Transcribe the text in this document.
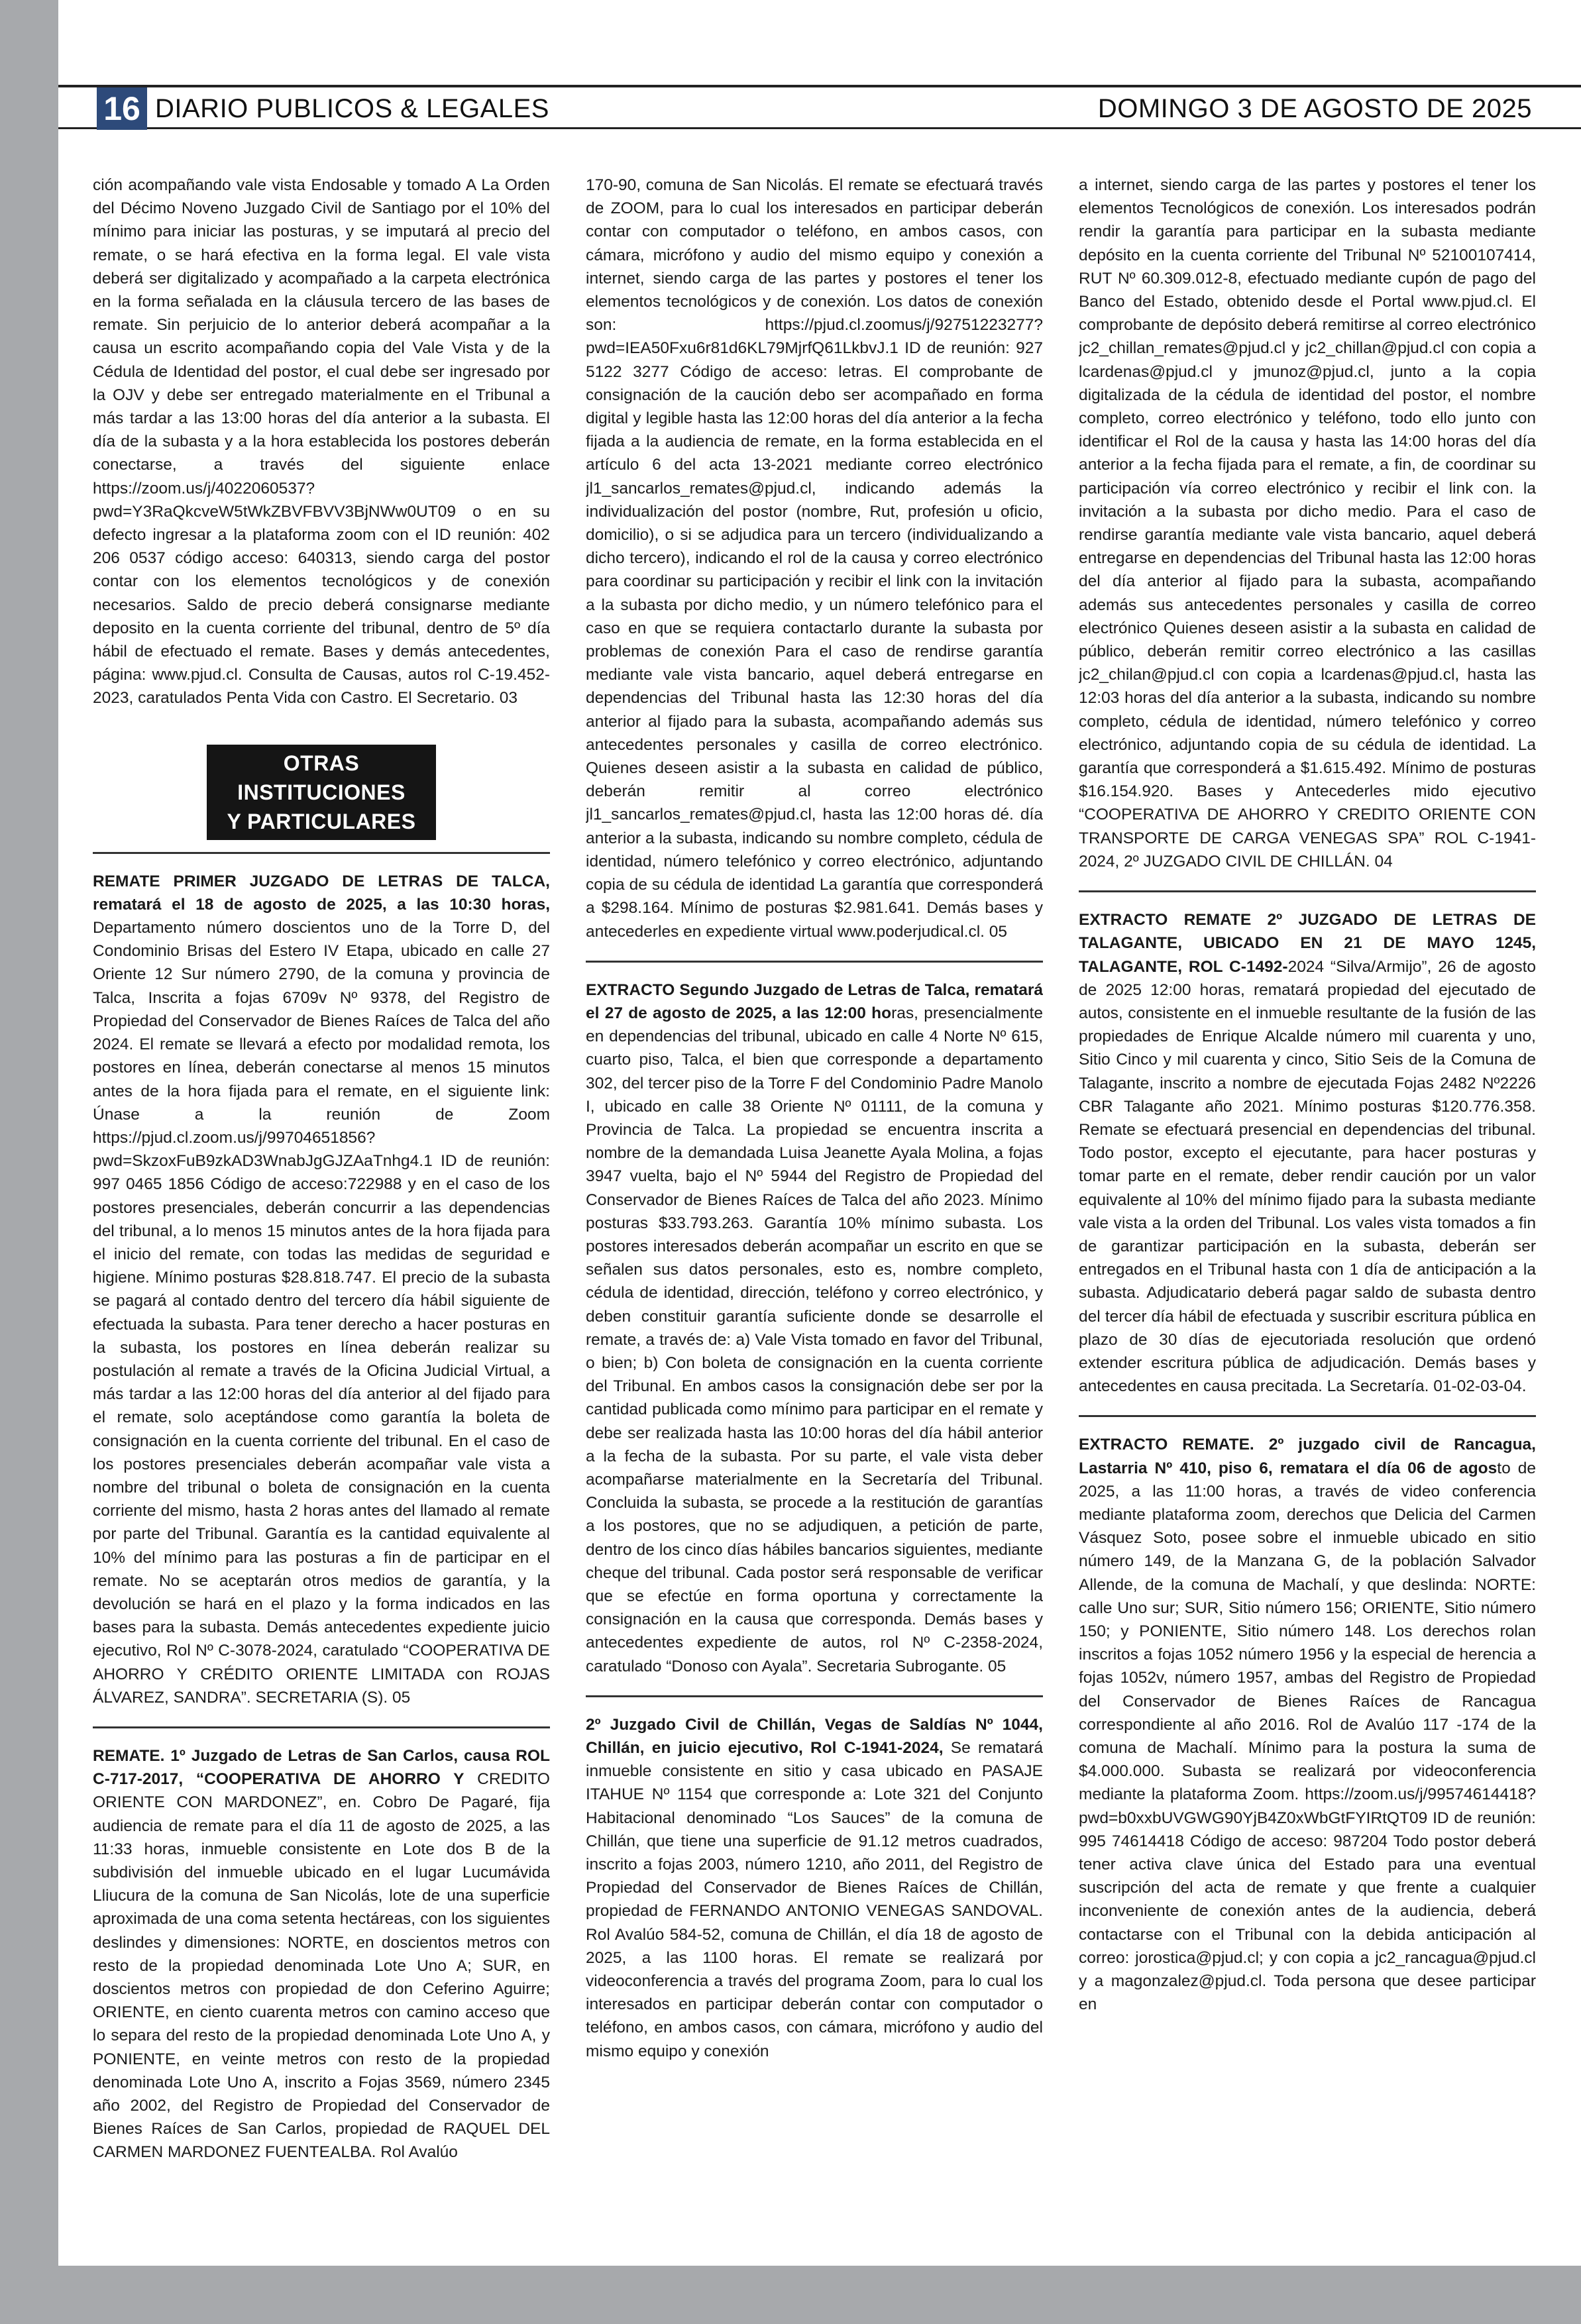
16 DIARIO PUBLICOS & LEGALES	DOMINGO 3 DE AGOSTO DE 2025

ción acompañando vale vista Endosable y tomado A La Orden del Décimo Noveno Juzgado Civil de Santiago por el 10% del mínimo para iniciar las posturas, y se imputará al precio del remate, o se hará efectiva en la forma legal. El vale vista deberá ser digitalizado y acompañado a la carpeta electrónica en la forma señalada en la cláusula tercero de las bases de remate. Sin perjuicio de lo anterior deberá acompañar a la causa un escrito acompañando copia del Vale Vista y de la Cédula de Identidad del postor, el cual debe ser ingresado por la OJV y debe ser entregado materialmente en el Tribunal a más tardar a las 13:00 horas del día anterior a la subasta. El día de la subasta y a la hora establecida los postores deberán conectarse, a través del siguiente enlace https://zoom.us/j/4022060537?pwd=Y3RaQkcveW5tWkZBVFBVV3BjNWw0UT09 o en su defecto ingresar a la plataforma zoom con el ID reunión: 402 206 0537 código acceso: 640313, siendo carga del postor contar con los elementos tecnológicos y de conexión necesarios. Saldo de precio deberá consignarse mediante deposito en la cuenta corriente del tribunal, dentro de 5º día hábil de efectuado el remate. Bases y demás antecedentes, página: www.pjud.cl. Consulta de Causas, autos rol C-19.452-2023, caratulados Penta Vida con Castro. El Secretario. 03

OTRAS INSTITUCIONES
Y PARTICULARES

REMATE PRIMER JUZGADO DE LETRAS DE TALCA, rematará el 18 de agosto de 2025, a las 10:30 horas, Departamento número doscientos uno de la Torre D, del Condominio Brisas del Estero IV Etapa, ubicado en calle 27 Oriente 12 Sur número 2790, de la comuna y provincia de Talca, Inscrita a fojas 6709v Nº 9378, del Registro de Propiedad del Conservador de Bienes Raíces de Talca del año 2024. El remate se llevará a efecto por modalidad remota, los postores en línea, deberán conectarse al menos 15 minutos antes de la hora fijada para el remate, en el siguiente link: Únase a la reunión de Zoom https://pjud.cl.zoom.us/j/99704651856?pwd=SkzoxFuB9zkAD3WnabJgGJZAaTnhg4.1 ID de reunión: 997 0465 1856 Código de acceso:722988 y en el caso de los postores presenciales, deberán concurrir a las dependencias del tribunal, a lo menos 15 minutos antes de la hora fijada para el inicio del remate, con todas las medidas de seguridad e higiene. Mínimo posturas $28.818.747. El precio de la subasta se pagará al contado dentro del tercero día hábil siguiente de efectuada la subasta. Para tener derecho a hacer posturas en la subasta, los postores en línea deberán realizar su postulación al remate a través de la Oficina Judicial Virtual, a más tardar a las 12:00 horas del día anterior al del fijado para el remate, solo aceptándose como garantía la boleta de consignación en la cuenta corriente del tribunal. En el caso de los postores presenciales deberán acompañar vale vista a nombre del tribunal o boleta de consignación en la cuenta corriente del mismo, hasta 2 horas antes del llamado al remate por parte del Tribunal. Garantía es la cantidad equivalente al 10% del mínimo para las posturas a fin de participar en el remate. No se aceptarán otros medios de garantía, y la devolución se hará en el plazo y la forma indicados en las bases para la subasta. Demás antecedentes expediente juicio ejecutivo, Rol Nº C-3078-2024, caratulado “COOPERATIVA DE AHORRO Y CRÉDITO ORIENTE LIMITADA con ROJAS ÁLVAREZ, SANDRA”. SECRETARIA (S). 05

REMATE. 1º Juzgado de Letras de San Carlos, causa ROL C-717-2017, “COOPERATIVA DE AHORRO Y CREDITO ORIENTE CON MARDONEZ”, en. Cobro De Pagaré, fija audiencia de remate para el día 11 de agosto de 2025, a las 11:33 horas, inmueble consistente en Lote dos B de la subdivisión del inmueble ubicado en el lugar Lucumávida Lliucura de la comuna de San Nicolás, lote de una superficie aproximada de una coma setenta hectáreas, con los siguientes deslindes y dimensiones: NORTE, en doscientos metros con resto de la propiedad denominada Lote Uno A; SUR, en doscientos metros con propiedad de don Ceferino Aguirre; ORIENTE, en ciento cuarenta metros con camino acceso que lo separa del resto de la propiedad denominada Lote Uno A, y PONIENTE, en veinte metros con resto de la propiedad denominada Lote Uno A, inscrito a Fojas 3569, número 2345 año 2002, del Registro de Propiedad del Conservador de Bienes Raíces de San Carlos, propiedad de RAQUEL DEL CARMEN MARDONEZ FUENTEALBA. Rol Avalúo

170-90, comuna de San Nicolás. El remate se efectuará través de ZOOM, para lo cual los interesados en participar deberán contar con computador o teléfono, en ambos casos, con cámara, micrófono y audio del mismo equipo y conexión a internet, siendo carga de las partes y postores el tener los elementos tecnológicos y de conexión. Los datos de conexión son: https://pjud.cl.zoomus/j/92751223277?pwd=IEA50Fxu6r81d6KL79MjrfQ61LkbvJ.1 ID de reunión: 927 5122 3277 Código de acceso: letras. El comprobante de consignación de la caución debo ser acompañado en forma digital y legible hasta las 12:00 horas del día anterior a la fecha fijada a la audiencia de remate, en la forma establecida en el artículo 6 del acta 13-2021 mediante correo electrónico jl1_sancarlos_remates@pjud.cl, indicando además la individualización del postor (nombre, Rut, profesión u oficio, domicilio), o si se adjudica para un tercero (individualizando a dicho tercero), indicando el rol de la causa y correo electrónico para coordinar su participación y recibir el link con la invitación a la subasta por dicho medio, y un número telefónico para el caso en que se requiera contactarlo durante la subasta por problemas de conexión Para el caso de rendirse garantía mediante vale vista bancario, aquel deberá entregarse en dependencias del Tribunal hasta las 12:30 horas del día anterior al fijado para la subasta, acompañando además sus antecedentes personales y casilla de correo electrónico. Quienes deseen asistir a la subasta en calidad de público, deberán remitir al correo electrónico jl1_sancarlos_remates@pjud.cl, hasta las 12:00 horas dé. día anterior a la subasta, indicando su nombre completo, cédula de identidad, número telefónico y correo electrónico, adjuntando copia de su cédula de identidad La garantía que corresponderá a $298.164. Mínimo de posturas $2.981.641. Demás bases y antecederles en expediente virtual www.poderjudical.cl. 05

EXTRACTO Segundo Juzgado de Letras de Talca, rematará el 27 de agosto de 2025, a las 12:00 horas, presencialmente en dependencias del tribunal, ubicado en calle 4 Norte Nº 615, cuarto piso, Talca, el bien que corresponde a departamento 302, del tercer piso de la Torre F del Condominio Padre Manolo I, ubicado en calle 38 Oriente Nº 01111, de la comuna y Provincia de Talca. La propiedad se encuentra inscrita a nombre de la demandada Luisa Jeanette Ayala Molina, a fojas 3947 vuelta, bajo el Nº 5944 del Registro de Propiedad del Conservador de Bienes Raíces de Talca del año 2023. Mínimo posturas $33.793.263. Garantía 10% mínimo subasta. Los postores interesados deberán acompañar un escrito en que se señalen sus datos personales, esto es, nombre completo, cédula de identidad, dirección, teléfono y correo electrónico, y deben constituir garantía suficiente donde se desarrolle el remate, a través de: a) Vale Vista tomado en favor del Tribunal, o bien; b) Con boleta de consignación en la cuenta corriente del Tribunal. En ambos casos la consignación debe ser por la cantidad publicada como mínimo para participar en el remate y debe ser realizada hasta las 10:00 horas del día hábil anterior a la fecha de la subasta. Por su parte, el vale vista deber acompañarse materialmente en la Secretaría del Tribunal. Concluida la subasta, se procede a la restitución de garantías a los postores, que no se adjudiquen, a petición de parte, dentro de los cinco días hábiles bancarios siguientes, mediante cheque del tribunal. Cada postor será responsable de verificar que se efectúe en forma oportuna y correctamente la consignación en la causa que corresponda. Demás bases y antecedentes expediente de autos, rol Nº C-2358-2024, caratulado “Donoso con Ayala”. Secretaria Subrogante. 05

2º Juzgado Civil de Chillán, Vegas de Saldías Nº 1044, Chillán, en juicio ejecutivo, Rol C-1941-2024, Se rematará inmueble consistente en sitio y casa ubicado en PASAJE ITAHUE Nº 1154 que corresponde a: Lote 321 del Conjunto Habitacional denominado “Los Sauces” de la comuna de Chillán, que tiene una superficie de 91.12 metros cuadrados, inscrito a fojas 2003, número 1210, año 2011, del Registro de Propiedad del Conservador de Bienes Raíces de Chillán, propiedad de FERNANDO ANTONIO VENEGAS SANDOVAL. Rol Avalúo 584-52, comuna de Chillán, el día 18 de agosto de 2025, a las 1100 horas. El remate se realizará por videoconferencia a través del programa Zoom, para lo cual los interesados en participar deberán contar con computador o teléfono, en ambos casos, con cámara, micrófono y audio del mismo equipo y conexión

a internet, siendo carga de las partes y postores el tener los elementos Tecnológicos de conexión. Los interesados podrán rendir la garantía para participar en la subasta mediante depósito en la cuenta corriente del Tribunal Nº 52100107414, RUT Nº 60.309.012-8, efectuado mediante cupón de pago del Banco del Estado, obtenido desde el Portal www.pjud.cl. El comprobante de depósito deberá remitirse al correo electrónico jc2_chillan_remates@pjud.cl y jc2_chillan@pjud.cl con copia a lcardenas@pjud.cl y jmunoz@pjud.cl, junto a la copia digitalizada de la cédula de identidad del postor, el nombre completo, correo electrónico y teléfono, todo ello junto con identificar el Rol de la causa y hasta las 14:00 horas del día anterior a la fecha fijada para el remate, a fin, de coordinar su participación vía correo electrónico y recibir el link con. la invitación a la subasta por dicho medio. Para el caso de rendirse garantía mediante vale vista bancario, aquel deberá entregarse en dependencias del Tribunal hasta las 12:00 horas del día anterior al fijado para la subasta, acompañando además sus antecedentes personales y casilla de correo electrónico Quienes deseen asistir a la subasta en calidad de público, deberán remitir correo electrónico a las casillas jc2_chilan@pjud.cl con copia a lcardenas@pjud.cl, hasta las 12:03 horas del día anterior a la subasta, indicando su nombre completo, cédula de identidad, número telefónico y correo electrónico, adjuntando copia de su cédula de identidad. La garantía que corresponderá a $1.615.492. Mínimo de posturas $16.154.920. Bases y Antecederles mido ejecutivo “COOPERATIVA DE AHORRO Y CREDITO ORIENTE CON TRANSPORTE DE CARGA VENEGAS SPA” ROL C-1941-2024, 2º JUZGADO CIVIL DE CHILLÁN. 04

EXTRACTO REMATE 2º JUZGADO DE LETRAS DE TALAGANTE, UBICADO EN 21 DE MAYO 1245, TALAGANTE, ROL C-1492-2024 “Silva/Armijo”, 26 de agosto de 2025 12:00 horas, rematará propiedad del ejecutado de autos, consistente en el inmueble resultante de la fusión de las propiedades de Enrique Alcalde número mil cuarenta y uno, Sitio Cinco y mil cuarenta y cinco, Sitio Seis de la Comuna de Talagante, inscrito a nombre de ejecutada Fojas 2482 Nº2226 CBR Talagante año 2021. Mínimo posturas $120.776.358. Remate se efectuará presencial en dependencias del tribunal. Todo postor, excepto el ejecutante, para hacer posturas y tomar parte en el remate, deber rendir caución por un valor equivalente al 10% del mínimo fijado para la subasta mediante vale vista a la orden del Tribunal. Los vales vista tomados a fin de garantizar participación en la subasta, deberán ser entregados en el Tribunal hasta con 1 día de anticipación a la subasta. Adjudicatario deberá pagar saldo de subasta dentro del tercer día hábil de efectuada y suscribir escritura pública en plazo de 30 días de ejecutoriada resolución que ordenó extender escritura pública de adjudicación. Demás bases y antecedentes en causa precitada. La Secretaría. 01-02-03-04.

EXTRACTO REMATE. 2º juzgado civil de Rancagua, Lastarria Nº 410, piso 6, rematara el día 06 de agosto de 2025, a las 11:00 horas, a través de video conferencia mediante plataforma zoom, derechos que Delicia del Carmen Vásquez Soto, posee sobre el inmueble ubicado en sitio número 149, de la Manzana G, de la población Salvador Allende, de la comuna de Machalí, y que deslinda: NORTE: calle Uno sur; SUR, Sitio número 156; ORIENTE, Sitio número 150; y PONIENTE, Sitio número 148. Los derechos rolan inscritos a fojas 1052 número 1956 y la especial de herencia a fojas 1052v, número 1957, ambas del Registro de Propiedad del Conservador de Bienes Raíces de Rancagua correspondiente al año 2016. Rol de Avalúo 117 -174 de la comuna de Machalí. Mínimo para la postura la suma de $4.000.000. Subasta se realizará por videoconferencia mediante la plataforma Zoom. https://zoom.us/j/99574614418?pwd=b0xxbUVGWG90YjB4Z0xWbGtFYIRtQT09 ID de reunión: 995 74614418 Código de acceso: 987204 Todo postor deberá tener activa clave única del Estado para una eventual suscripción del acta de remate y que frente a cualquier inconveniente de conexión antes de la audiencia, deberá contactarse con el Tribunal con la debida anticipación al correo: jorostica@pjud.cl; y con copia a jc2_rancagua@pjud.cl y a magonzalez@pjud.cl. Toda persona que desee participar en
